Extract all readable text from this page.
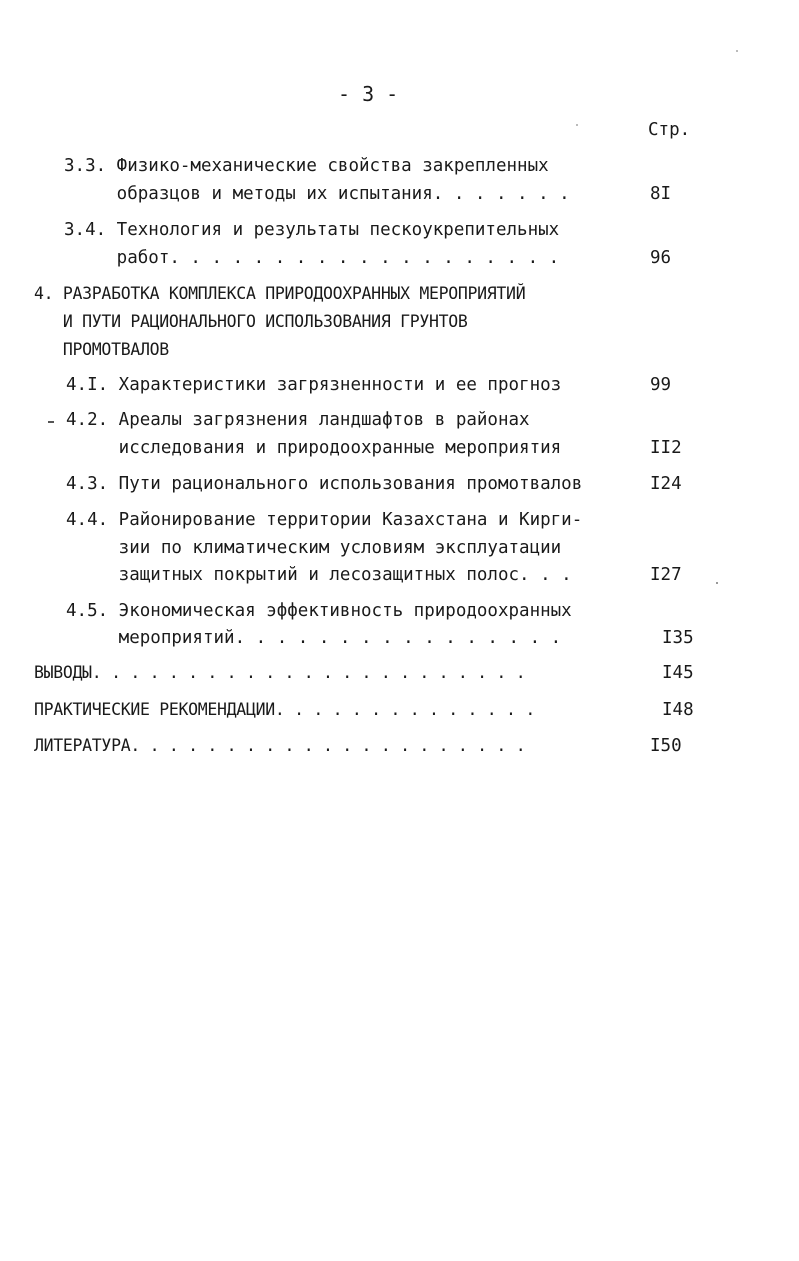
- 3 -
Стр.
3.3. Физико-механические свойства закрепленных
образцов и методы их испытания. . . . . . .	8I
3.4. Технология и результаты пескоукрепительных
работ. . . . . . . . . . . . . . . . . . .	96
4. РАЗРАБОТКА КОМПЛЕКСА ПРИРОДООХРАННЫХ МЕРОПРИЯТИЙ
И ПУТИ РАЦИОНАЛЬНОГО ИСПОЛЬЗОВАНИЯ ГРУНТОВ
ПРОМОТВАЛОВ
4.I. Характеристики загрязненности и ее прогноз	99
4.2. Ареалы загрязнения ландшафтов в районах
исследования и природоохранные мероприятия	II2
4.3. Пути рационального использования промотвалов	I24
4.4. Районирование территории Казахстана и Кирги-
зии по климатическим условиям эксплуатации
защитных покрытий и лесозащитных полос. . .	I27
4.5. Экономическая эффективность природоохранных
мероприятий. . . . . . . . . . . . . . . .	I35
ВЫВОДЫ. . . . . . . . . . . . . . . . . . . . . . .	I45
ПРАКТИЧЕСКИЕ РЕКОМЕНДАЦИИ. . . . . . . . . . . . . .	I48
ЛИТЕРАТУРА. . . . . . . . . . . . . . . . . . . . .	I50
